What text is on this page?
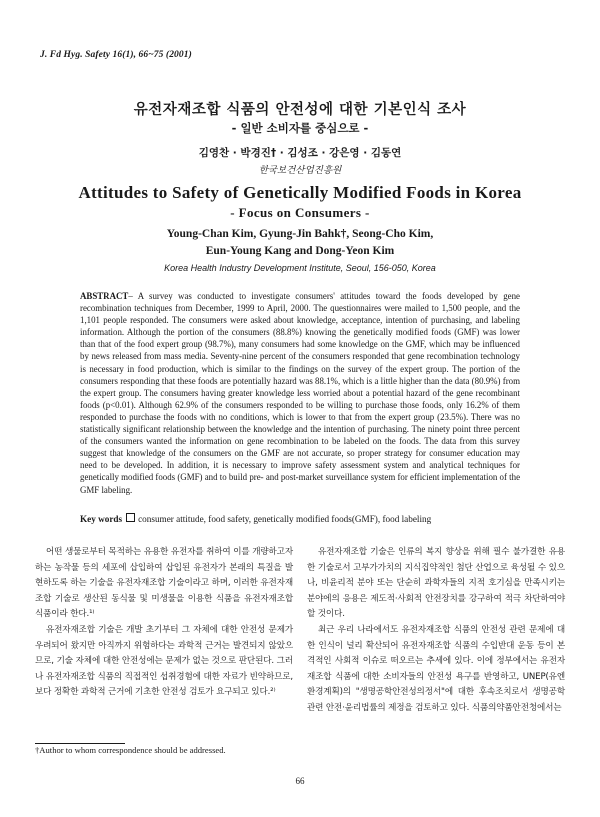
J. Fd Hyg. Safety 16(1), 66~75 (2001)
유전자재조합 식품의 안전성에 대한 기본인식 조사
- 일반 소비자를 중심으로 -
김영찬 · 박경진† · 김성조 · 강은영 · 김동연
한국보건산업진흥원
Attitudes to Safety of Genetically Modified Foods in Korea
- Focus on Consumers -
Young-Chan Kim, Gyung-Jin Bahk†, Seong-Cho Kim,
Eun-Young Kang and Dong-Yeon Kim
Korea Health Industry Development Institute, Seoul, 156-050, Korea
ABSTRACT– A survey was conducted to investigate consumers' attitudes toward the foods developed by gene recombination techniques from December, 1999 to April, 2000. The questionnaires were mailed to 1,500 people, and the 1,101 people responded. The consumers were asked about knowledge, acceptance, intention of purchasing, and labeling information. Although the portion of the consumers (88.8%) knowing the genetically modified foods (GMF) was lower than that of the food expert group (98.7%), many consumers had some knowledge on the GMF, which may be influenced by news released from mass media. Seventy-nine percent of the consumers responded that gene recombination technology is necessary in food production, which is similar to the findings on the survey of the expert group. The portion of the consumers responding that these foods are potentially hazard was 88.1%, which is a little higher than the data (80.9%) from the expert group. The consumers having greater knowledge less worried about a potential hazard of the gene recombinant foods (p<0.01). Although 62.9% of the consumers responded to be willing to purchase those foods, only 16.2% of them responded to purchase the foods with no conditions, which is lower to that from the expert group (23.5%). There was no statistically significant relationship between the knowledge and the intention of purchasing. The ninety point three percent of the consumers wanted the information on gene recombination to be labeled on the foods. The data from this survey suggest that knowledge of the consumers on the GMF are not accurate, so proper strategy for consumer education may need to be developed. In addition, it is necessary to improve safety assessment system and analytical techniques for genetically modified foods (GMF) and to build pre- and post-market surveillance system for efficient implementation of the GMF labeling.
Key words consumer attitude, food safety, genetically modified foods(GMF), food labeling

어떤 생물로부터 목적하는 유용한 유전자를 취하여 이를 개량하고자 하는 농작물 등의 세포에 삽입하여 삽입된 유전자가 본래의 특질을 발현하도록 하는 기술을 유전자재조합 기술이라고 하며, 이러한 유전자재조합 기술로 생산된 동식물 및 미생물을 이용한 식품을 유전자재조합 식품이라 한다.¹⁾

유전자재조합 기술은 개발 초기부터 그 자체에 대한 안전성 문제가 우려되어 왔지만 아직까지 위험하다는 과학적 근거는 발견되지 않았으므로, 기술 자체에 대한 안전성에는 문제가 없는 것으로 판단된다. 그러나 유전자재조합 식품의 직접적인 섭취경험에 대한 자료가 빈약하므로, 보다 정확한 과학적 근거에 기초한 안전성 검토가 요구되고 있다.²⁾

유전자재조합 기술은 인류의 복지 향상을 위해 필수 불가결한 유용한 기술로서 고부가가치의 지식집약적인 첨단 산업으로 육성될 수 있으나, 비윤리적 분야 또는 단순히 과학자들의 지적 호기심을 만족시키는 분야에의 응용은 제도적·사회적 안전장치를 강구하여 적극 차단하여야 할 것이다.

최근 우리 나라에서도 유전자재조합 식품의 안전성 관련 문제에 대한 인식이 널리 확산되어 유전자재조합 식품의 수입반대 운동 등이 본격적인 사회적 이슈로 떠오르는 추세에 있다. 이에 정부에서는 유전자재조합 식품에 대한 소비자들의 안전성 욕구를 반영하고, UNEP(유엔환경계획)의 "생명공학안전성의정서"에 대한 후속조치로서 생명공학 관련 안전·윤리법률의 제정을 검토하고 있다. 식품의약품안전청에서는

†Author to whom correspondence should be addressed.
66
